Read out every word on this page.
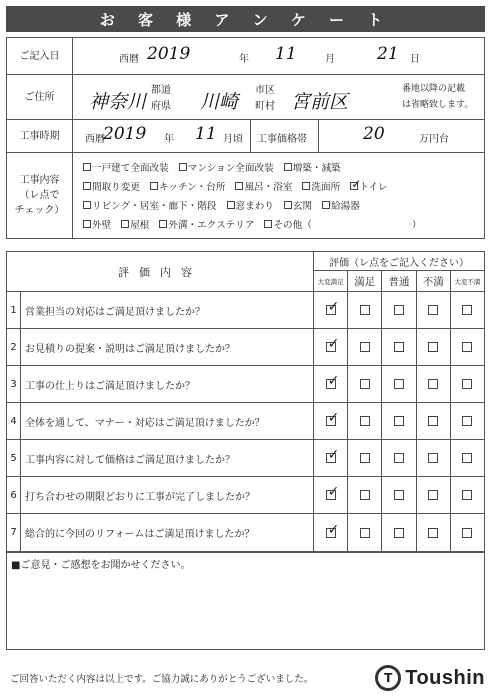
お 客 様 ア ン ケ ー ト
ご記入日	西暦 2019	年 11	月 21 日
ご住所	神奈川
都道
府県 川崎
市区
町村 宮前区
番地以降の記載
は省略致します。
工事時期	西暦
2019 年 11 月頃 工事価格帯	20	万円台
工事内容
（レ点で
チェック）
一戸建て全面改装 マンション全面改装 増築・減築
間取り変更 キッチン・台所 風呂・浴室 洗面所
✓ トイレ
リビング・居室・廊下・階段 窓まわり 玄関 給湯器
外壁 屋根 外溝・エクステリア その他（	）
評価内容
評価（レ点をご記入ください）
大変満足	満足	普通	不満	大変不満
1 営業担当の対応はご満足頂けましたか？
✓
2 お見積りの提案・説明はご満足頂けましたか？
✓
3 工事の仕上りはご満足頂けましたか？
✓
4 全体を通して、マナー・対応はご満足頂けましたか？
✓
5 工事内容に対して価格はご満足頂けましたか？
✓
6 打ち合わせの期限どおりに工事が完了しましたか？
✓
7 総合的に今回のリフォームはご満足頂けましたか？
✓
■ご意見・ご感想をお聞かせください。
ご回答いただく内容は以上です。ご協力誠にありがとうございました。	T Toushin
